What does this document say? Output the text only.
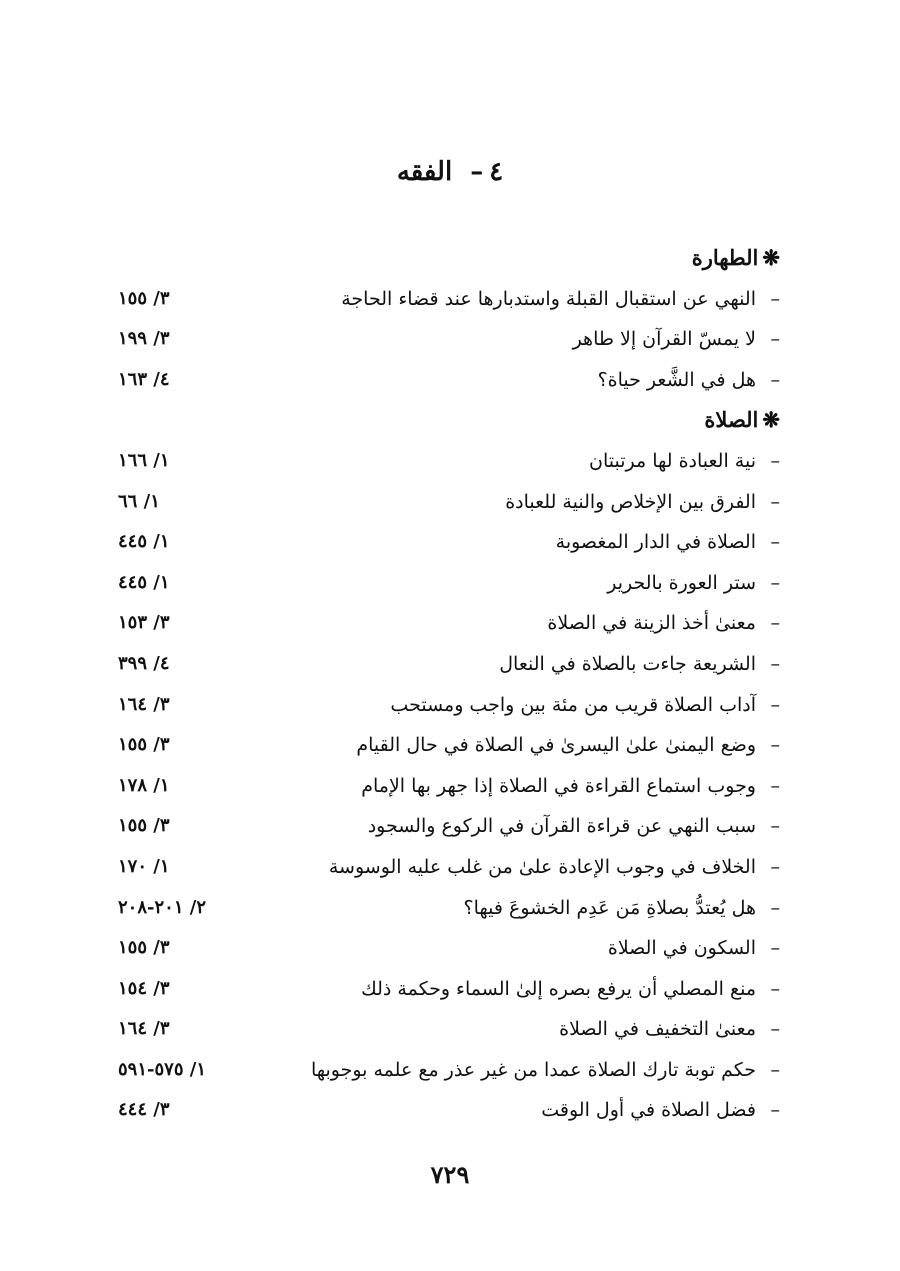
٤–الفقه
❋الطهارة
–
النهي عن استقبال القبلة واستدبارها عند قضاء الحاجة
٣/ ١٥٥
–
لا يمسّ القرآن إلا طاهر
٣/ ١٩٩
–
هل في الشَّعر حياة؟
٤/ ١٦٣
❋الصلاة
–
نية العبادة لها مرتبتان
١/ ١٦٦
–
الفرق بين الإخلاص والنية للعبادة
١/ ٦٦
–
الصلاة في الدار المغصوبة
١/ ٤٤٥
–
ستر العورة بالحرير
١/ ٤٤٥
–
معنىٰ أخذ الزينة في الصلاة
٣/ ١٥٣
–
الشريعة جاءت بالصلاة في النعال
٤/ ٣٩٩
–
آداب الصلاة قريب من مئة بين واجب ومستحب
٣/ ١٦٤
–
وضع اليمنىٰ علىٰ اليسرىٰ في الصلاة في حال القيام
٣/ ١٥٥
–
وجوب استماع القراءة في الصلاة إذا جهر بها الإمام
١/ ١٧٨
–
سبب النهي عن قراءة القرآن في الركوع والسجود
٣/ ١٥٥
–
الخلاف في وجوب الإعادة علىٰ من غلب عليه الوسوسة
١/ ١٧٠
–
هل يُعتدُّ بصلاةِ مَن عَدِم الخشوعَ فيها؟
٢/ ٢٠١-٢٠٨
–
السكون في الصلاة
٣/ ١٥٥
–
منع المصلي أن يرفع بصره إلىٰ السماء وحكمة ذلك
٣/ ١٥٤
–
معنىٰ التخفيف في الصلاة
٣/ ١٦٤
–
حكم توبة تارك الصلاة عمدا من غير عذر مع علمه بوجوبها
١/ ٥٧٥-٥٩١
–
فضل الصلاة في أول الوقت
٣/ ٤٤٤
٧٢٩
